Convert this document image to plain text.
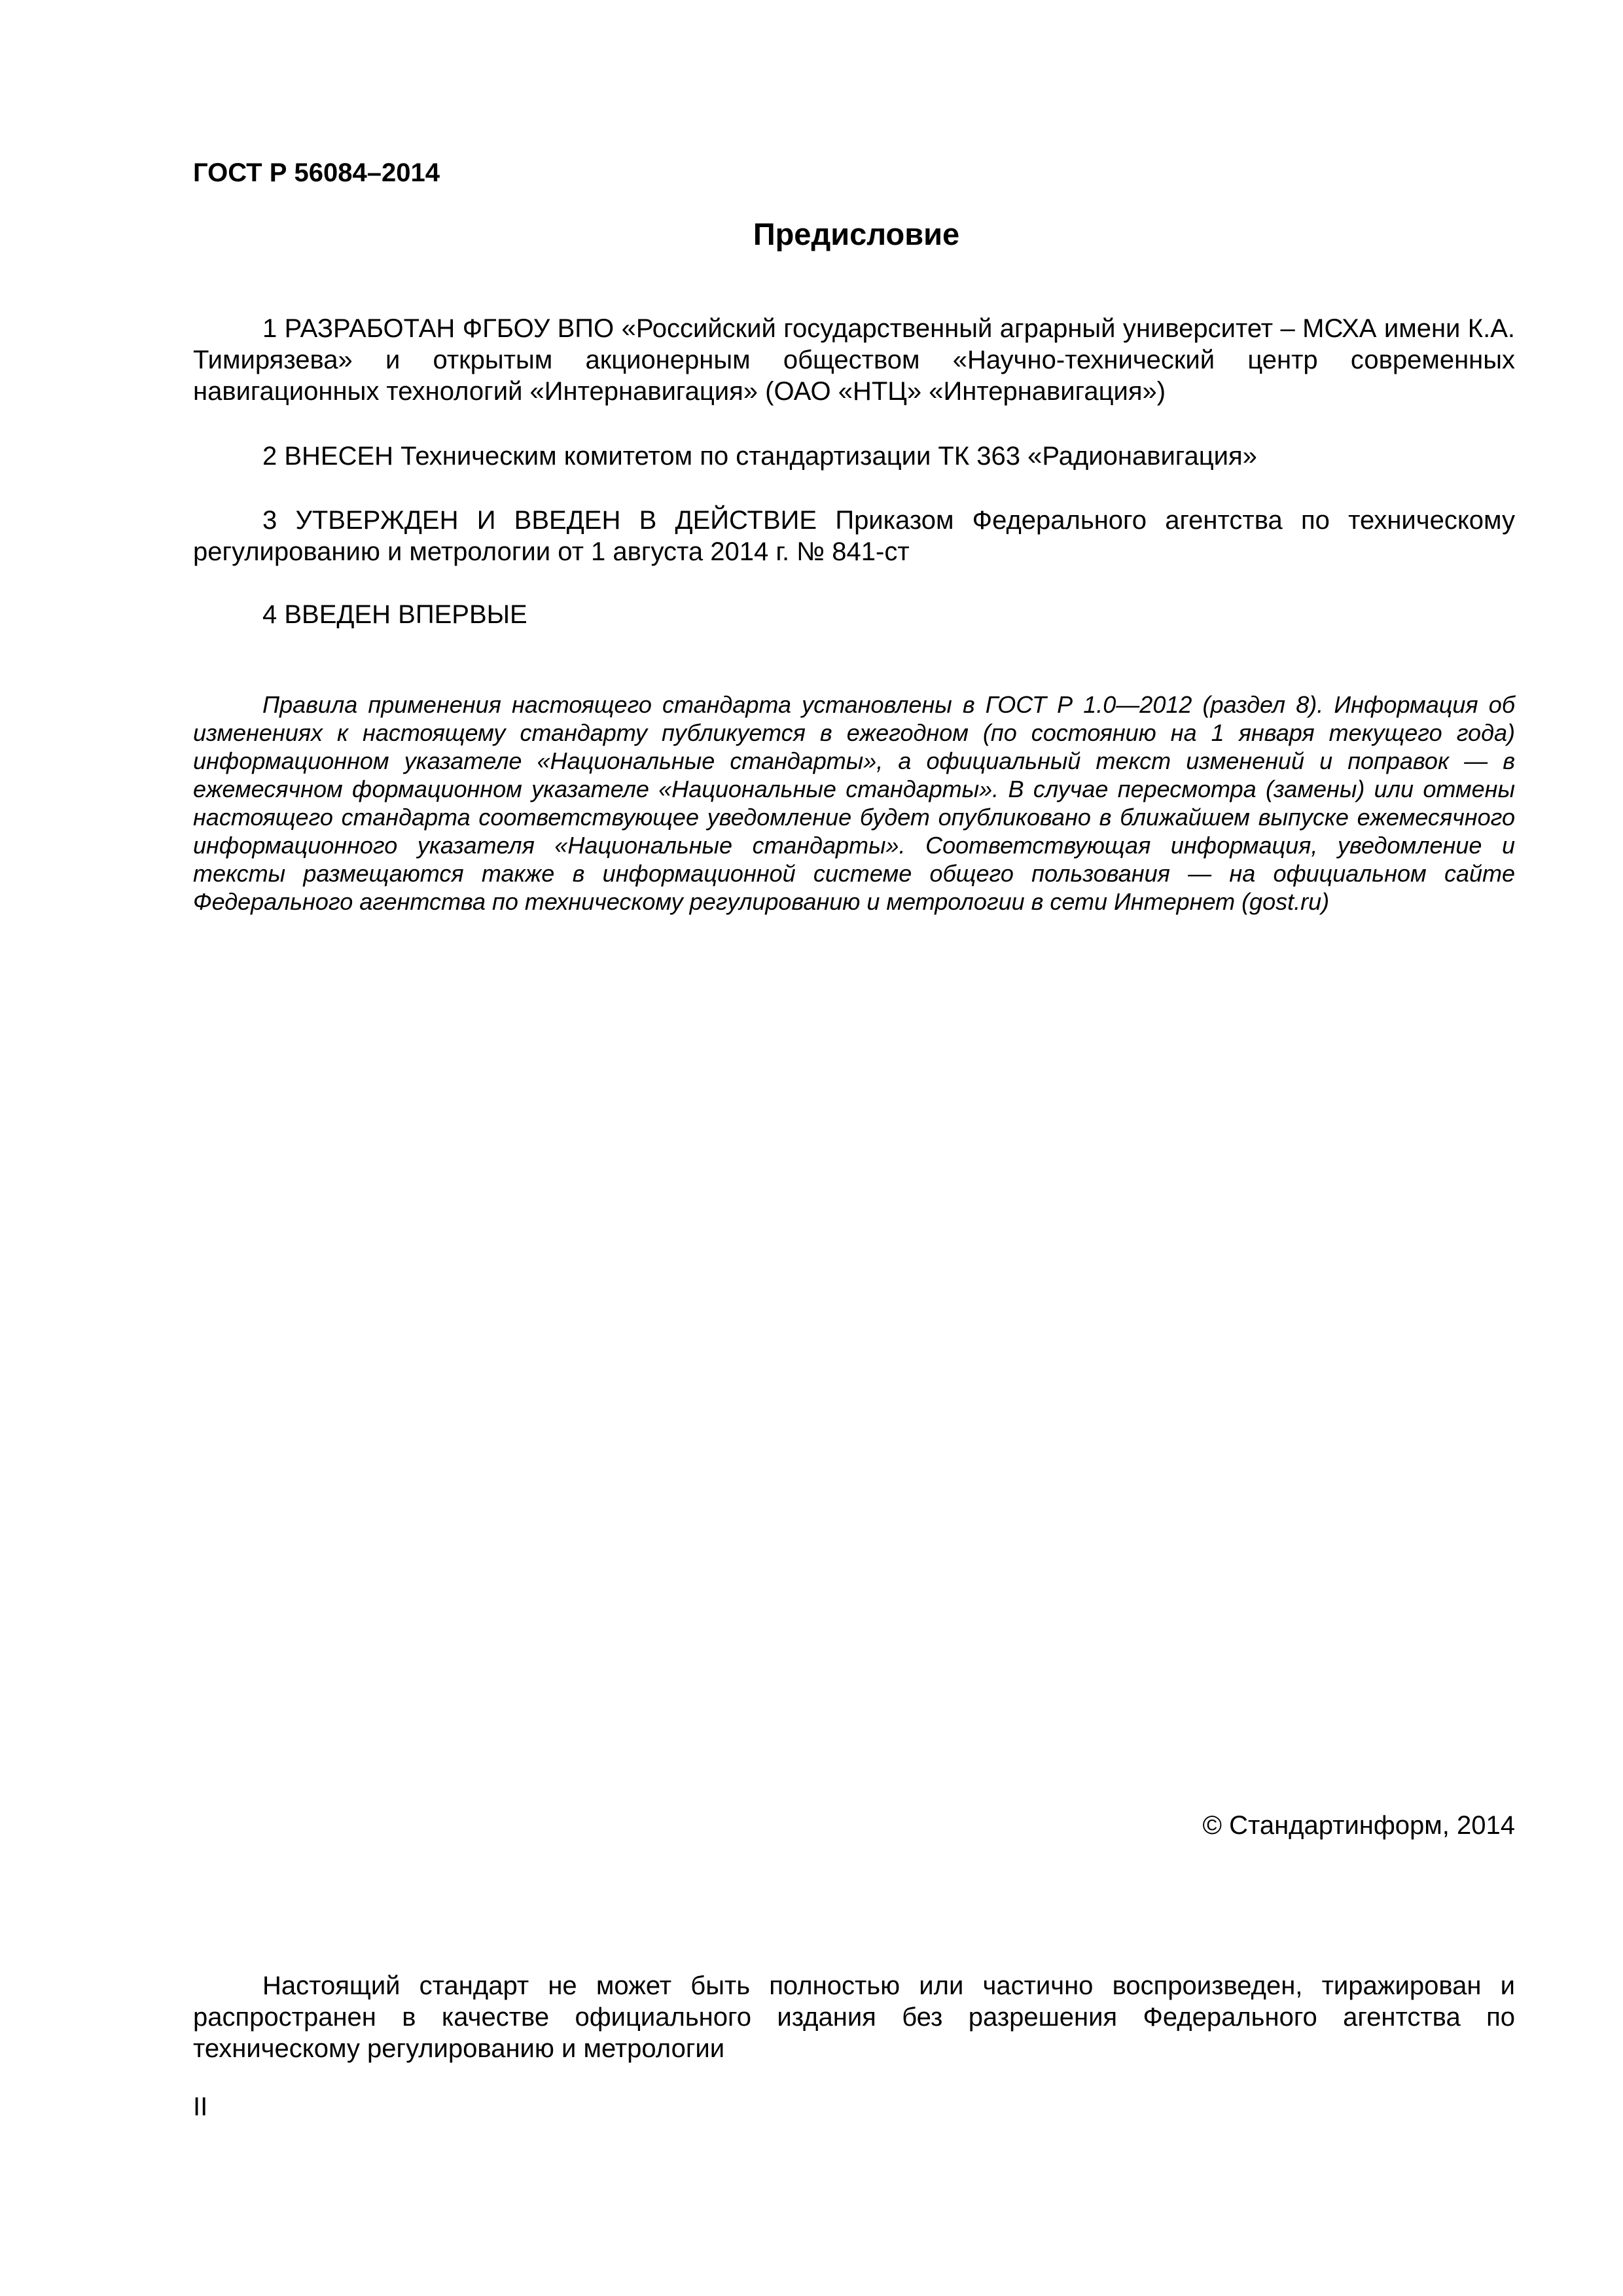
ГОСТ Р 56084–2014
Предисловие

1 РАЗРАБОТАН ФГБОУ ВПО «Российский государственный аграрный университет – МСХА имени К.А. Тимирязева» и открытым акционерным обществом «Научно-технический центр современных навигационных технологий «Интернавигация» (ОАО «НТЦ» «Интернавигация»)

2 ВНЕСЕН Техническим комитетом по стандартизации ТК 363 «Радионавигация»

3 УТВЕРЖДЕН И ВВЕДЕН В ДЕЙСТВИЕ Приказом Федерального агентства по техническому регулированию и метрологии от 1 августа 2014 г. № 841-ст

4 ВВЕДЕН ВПЕРВЫЕ

Правила применения настоящего стандарта установлены в ГОСТ Р 1.0—2012 (раздел 8). Информация об изменениях к настоящему стандарту публикуется в ежегодном (по состоянию на 1 января текущего года) информационном указателе «Национальные стандарты», а официальный текст изменений и поправок — в ежемесячном формационном указателе «Национальные стандарты». В случае пересмотра (замены) или отмены настоящего стандарта соответствующее уведомление будет опубликовано в ближайшем выпуске ежемесячного информационного указателя «Национальные стандарты». Соответствующая информация, уведомление и тексты размещаются также в информационной системе общего пользования — на официальном сайте Федерального агентства по техническому регулированию и метрологии в сети Интернет (gost.ru)

© Стандартинформ, 2014

Настоящий стандарт не может быть полностью или частично воспроизведен, тиражирован и распространен в качестве официального издания без разрешения Федерального агентства по техническому регулированию и метрологии

II
